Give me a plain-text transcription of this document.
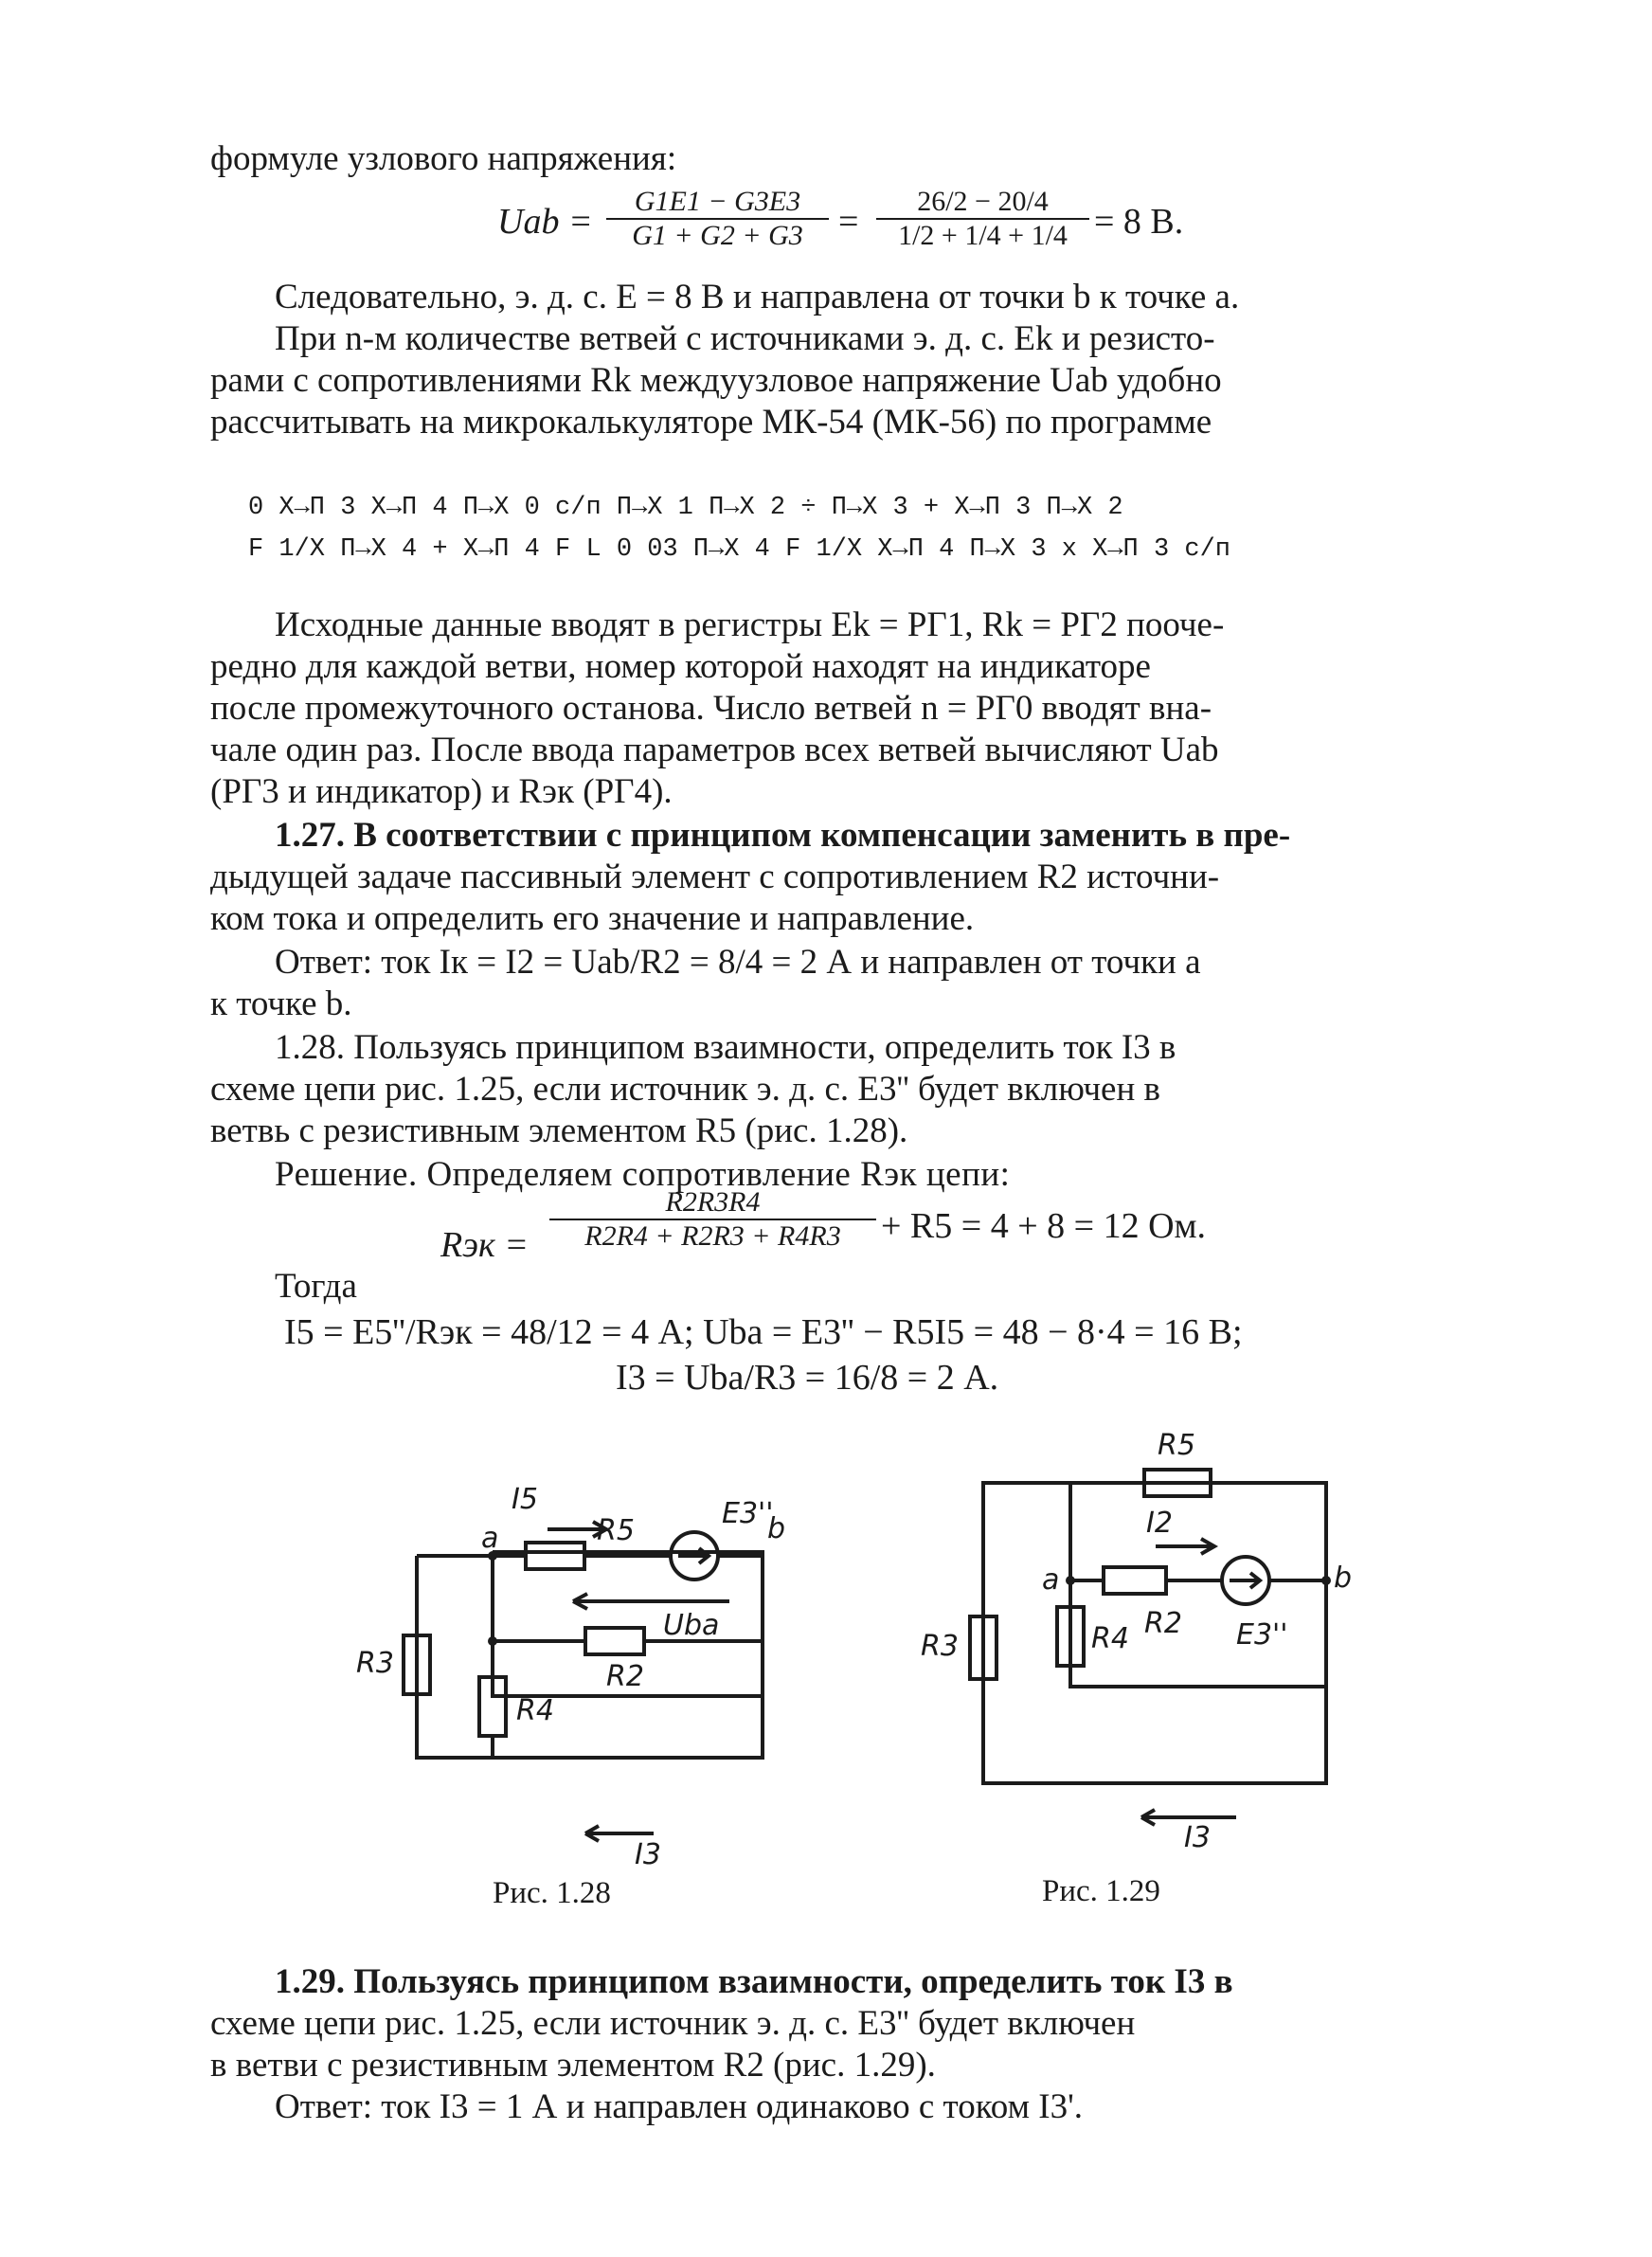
формуле узлового напряжения:
Uab = $\frac{G1E1 - G3E3}{G1 + G2 + G3} = \frac{26/2 - 20/4}{1/2 + 1/4 + 1/4} = 8$ В.
Следовательно, э. д. с. E = 8 В и направлена от точки b к точке a.
При n-м количестве ветвей с источниками э. д. с. Ek и резисто-
рами с сопротивлениями Rk междуузловое напряжение Uab удобно
рассчитывать на микрокалькуляторе МК-54 (МК-56) по программе
0 Х→П 3 Х→П 4 П→Х 0 с/п П→Х 1 П→Х 2 ÷ П→Х 3 + Х→П 3 П→Х 2
F 1/X П→Х 4 + Х→П 4 F L 0 03 П→Х 4 F 1/X Х→П 4 П→Х 3 х Х→П 3 с/п
Исходные данные вводят в регистры Ek = РГ1, Rk = РГ2 пооче-
редно для каждой ветви, номер которой находят на индикаторе
после промежуточного останова. Число ветвей n = РГ0 вводят вна-
чале один раз. После ввода параметров всех ветвей вычисляют Uab
(РГ3 и индикатор) и Rэк (РГ4).
1.27. В соответствии с принципом компенсации заменить в пре-
дыдущей задаче пассивный элемент с сопротивлением R2 источни-
ком тока и определить его значение и направление.
Ответ: ток Iк = I2 = Uab/R2 = 8/4 = 2 А и направлен от точки a
к точке b.
1.28. Пользуясь принципом взаимности, определить ток I3 в
схеме цепи рис. 1.25, если источник э. д. с. E3'' будет включен в
ветвь с резистивным элементом R5 (рис. 1.28).
Решение. Определяем сопротивление Rэк цепи:
Rэк = $\frac{R2R3R4}{R2R4 + R2R3 + R4R3} + R5 = 4 + 8 = 12$ Ом.
Тогда
I5 = E5''/Rэк = 48/12 = 4 А; Uba = E3'' − R5I5 = 48 − 8·4 = 16 В;
I3 = Uba/R3 = 16/8 = 2 А.
I5
a	R5
E3''
b
Uba
R3	R2
R4
I3
Рис. 1.28
R5
I2
a	b
R3	R4 R2 E3''
I3
Рис. 1.29
1.29. Пользуясь принципом взаимности, определить ток I3 в
схеме цепи рис. 1.25, если источник э. д. с. E3'' будет включен
в ветви с резистивным элементом R2 (рис. 1.29).
Ответ: ток I3 = 1 А и направлен одинаково с током I3'.
